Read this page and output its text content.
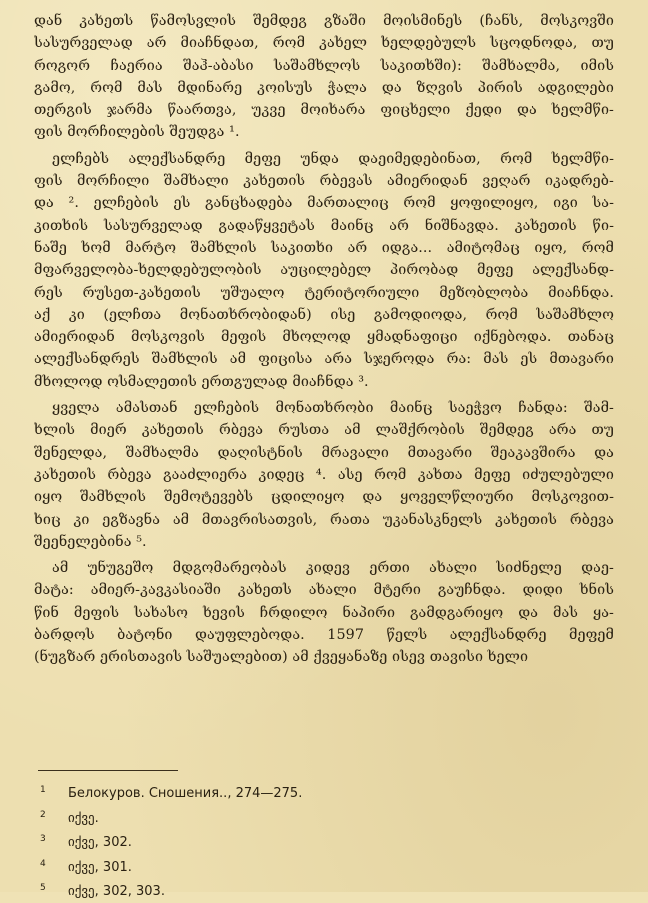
დან კახეთს წამოსვლის შემდეგ გზაში მოისმინეს (ჩანს, მოსკოვში
სასურველად არ მიაჩნდათ, რომ კახელ ხელდებულს სცოდნოდა, თუ
როგორ ჩაერია შაჰ-აბასი საშამხლოს საკითხში): შამხალმა, იმის
გამო, რომ მას მდინარე კოისუს ჭალა და ზღვის პირის ადგილები
თერგის ჯარმა წაართვა, უკვე მოიხარა ფიცხელი ქედი და ხელმწი-
ფის მორჩილების შეუდგა ¹.
ელჩებს ალექსანდრე მეფე უნდა დაეიმედებინათ, რომ ხელმწი-
ფის მორჩილი შამხალი კახეთის რბევას ამიერიდან ვეღარ იკადრებ-
და ². ელჩების ეს განცხადება მართალიც რომ ყოფილიყო, იგი სა-
კითხის სასურველად გადაწყვეტას მაინც არ ნიშნავდა. კახეთის წი-
ნაშე ხომ მარტო შამხლის საკითხი არ იდგა... ამიტომაც იყო, რომ
მფარველობა-ხელდებულობის აუცილებელ პირობად მეფე ალექსანდ-
რეს რუსეთ-კახეთის უშუალო ტერიტორიული მეზობლობა მიაჩნდა.
აქ კი (ელჩთა მონათხრობიდან) ისე გამოდიოდა, რომ საშამხლო
ამიერიდან მოსკოვის მეფის მხოლოდ ყმადნაფიცი იქნებოდა. თანაც
ალექსანდრეს შამხლის ამ ფიცისა არა სჯეროდა რა: მას ეს მთავარი
მხოლოდ ოსმალეთის ერთგულად მიაჩნდა ³.
ყველა ამასთან ელჩების მონათხრობი მაინც საეჭვო ჩანდა: შამ-
ხლის მიერ კახეთის რბევა რუსთა ამ ლაშქრობის შემდეგ არა თუ
შენელდა, შამხალმა დაღისტნის მრავალი მთავარი შეაკავშირა და
კახეთის რბევა გააძლიერა კიდეც ⁴. ასე რომ კახთა მეფე იძულებული
იყო შამხლის შემოტევებს ცდილიყო და ყოველწლიური მოსკოვით-
ხიც კი ეგზავნა ამ მთავრისათვის, რათა უკანასკნელს კახეთის რბევა
შეენელებინა ⁵.
ამ უნუგეშო მდგომარეობას კიდევ ერთი ახალი სიძნელე დაე-
მატა: ამიერ-კავკასიაში კახეთს ახალი მტერი გაუჩნდა. დიდი ხნის
წინ მეფის სახასო ხევის ჩრდილო ნაპირი გამდგარიყო და მას ყა-
ბარდოს ბატონი დაუფლებოდა. 1597 წელს ალექსანდრე მეფემ
(ნუგზარ ერისთავის საშუალებით) ამ ქვეყანაზე ისევ თავისი ხელი
1 Белокуров. Сношения.., 274—275.
2 იქვე.
3 იქვე, 302.
4 იქვე, 301.
5 იქვე, 302, 303.
